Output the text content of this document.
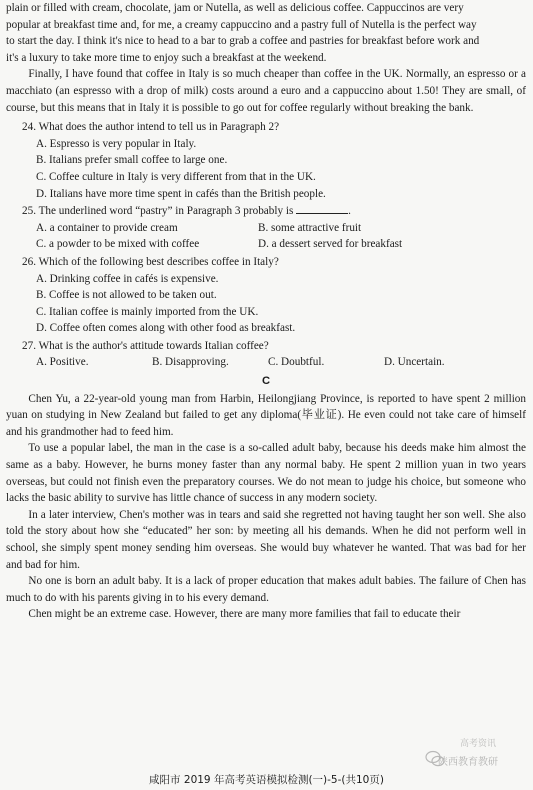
plain or filled with cream, chocolate, jam or Nutella, as well as delicious coffee. Cappuccinos are very

popular at breakfast time and, for me, a creamy cappuccino and a pastry full of Nutella is the perfect way

to start the day. I think it's nice to head to a bar to grab a coffee and pastries for breakfast before work and

it's a luxury to take more time to enjoy such a breakfast at the weekend.

Finally, I have found that coffee in Italy is so much cheaper than coffee in the UK. Normally, an espresso or a macchiato (an espresso with a drop of milk) costs around a euro and a cappuccino about 1.50! They are small, of course, but this means that in Italy it is possible to go out for coffee regularly without breaking the bank.

24. What does the author intend to tell us in Paragraph 2?

A. Espresso is very popular in Italy.

B. Italians prefer small coffee to large one.

C. Coffee culture in Italy is very different from that in the UK.

D. Italians have more time spent in cafés than the British people.

25. The underlined word “pastry” in Paragraph 3 probably is	.

A. a container to provide cream	B. some attractive fruit
C. a powder to be mixed with coffee	D. a dessert served for breakfast

26. Which of the following best describes coffee in Italy?

A. Drinking coffee in cafés is expensive.

B. Coffee is not allowed to be taken out.

C. Italian coffee is mainly imported from the UK.

D. Coffee often comes along with other food as breakfast.

27. What is the author's attitude towards Italian coffee?

A. Positive.	B. Disapproving.	C. Doubtful.	D. Uncertain.
C

Chen Yu, a 22-year-old young man from Harbin, Heilongjiang Province, is reported to have spent 2 million yuan on studying in New Zealand but failed to get any diploma(毕业证). He even could not take care of himself and his grandmother had to feed him.

To use a popular label, the man in the case is a so-called adult baby, because his deeds make him almost the same as a baby. However, he burns money faster than any normal baby. He spent 2 million yuan in two years overseas, but could not finish even the preparatory courses. We do not mean to judge his choice, but someone who lacks the basic ability to survive has little chance of success in any modern society.

In a later interview, Chen's mother was in tears and said she regretted not having taught her son well. She also told the story about how she “educated” her son: by meeting all his demands. When he did not perform well in school, she simply spent money sending him overseas. She would buy whatever he wanted. That was bad for her and bad for him.

No one is born an adult baby. It is a lack of proper education that makes adult babies. The failure of Chen has much to do with his parents giving in to his every demand.

Chen might be an extreme case. However, there are many more families that fail to educate their

高考资讯
陕西教育教研
咸阳市 2019 年高考英语模拟检测(一)-5-(共10页)
